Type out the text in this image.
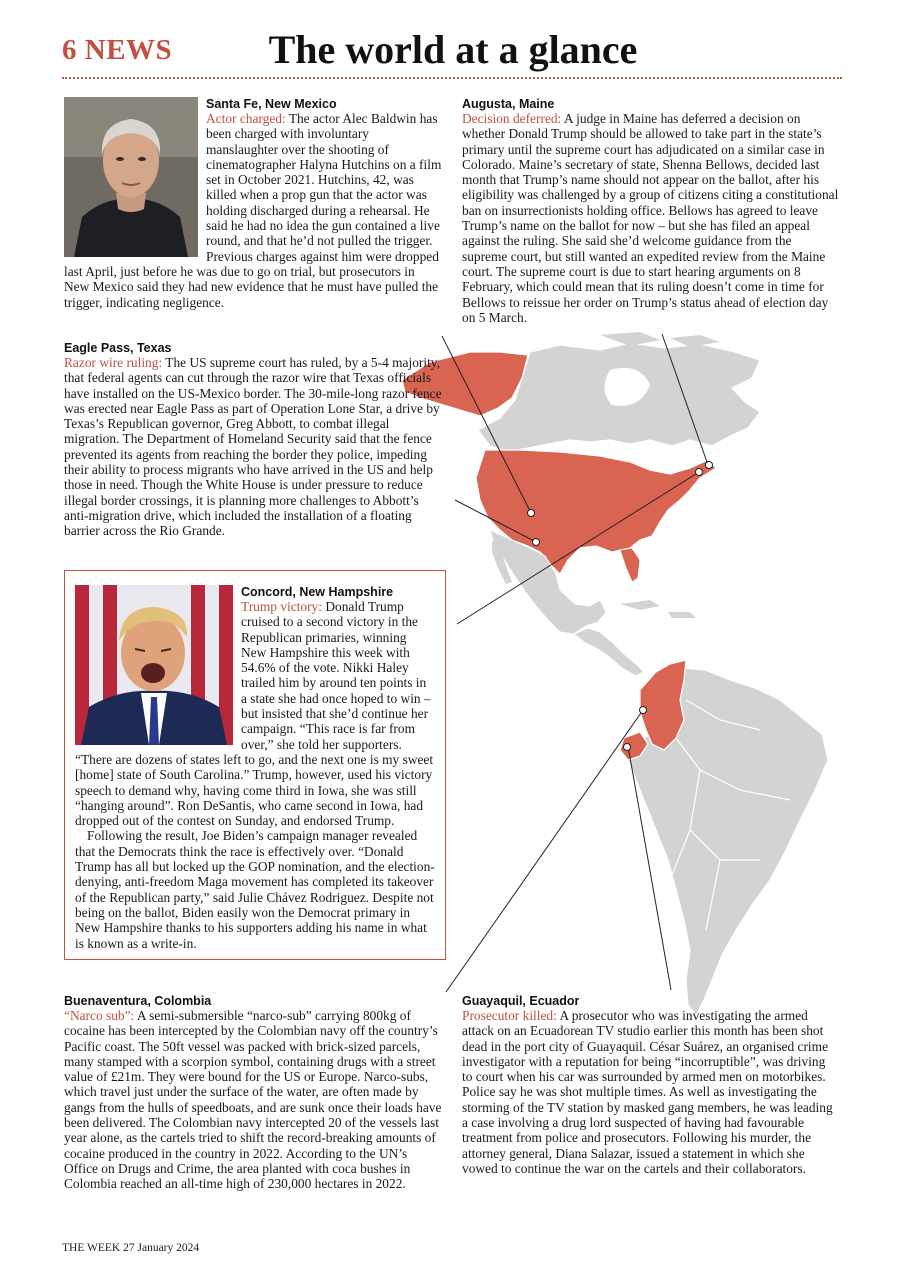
6 NEWS	The world at a glance
Santa Fe, New Mexico
Actor charged: The actor Alec Baldwin has been charged with involuntary manslaughter over the shooting of cinematographer Halyna Hutchins on a film set in October 2021. Hutchins, 42, was killed when a prop gun that the actor was holding discharged during a rehearsal. He said he had no idea the gun contained a live round, and that he’d not pulled the trigger. Previous charges against him were dropped last April, just before he was due to go on trial, but prosecutors in New Mexico said they had new evidence that he must have pulled the trigger, indicating negligence.
Augusta, Maine
Decision deferred: A judge in Maine has deferred a decision on whether Donald Trump should be allowed to take part in the state’s primary until the supreme court has adjudicated on a similar case in Colorado. Maine’s secretary of state, Shenna Bellows, decided last month that Trump’s name should not appear on the ballot, after his eligibility was challenged by a group of citizens citing a constitutional ban on insurrectionists holding office. Bellows has agreed to leave Trump’s name on the ballot for now – but she has filed an appeal against the ruling. She said she’d welcome guidance from the supreme court, but still wanted an expedited review from the Maine court. The supreme court is due to start hearing arguments on 8 February, which could mean that its ruling doesn’t come in time for Bellows to reissue her order on Trump’s status ahead of election day on 5 March.
Eagle Pass, Texas
Razor wire ruling: The US supreme court has ruled, by a 5-4 majority, that federal agents can cut through the razor wire that Texas officials have installed on the US-Mexico border. The 30-mile-long razor fence was erected near Eagle Pass as part of Operation Lone Star, a drive by Texas’s Republican governor, Greg Abbott, to combat illegal migration. The Department of Homeland Security said that the fence prevented its agents from reaching the border they police, impeding their ability to process migrants who have arrived in the US and help those in need. Though the White House is under pressure to reduce illegal border crossings, it is planning more challenges to Abbott’s anti-migration drive, which included the installation of a floating barrier across the Rio Grande.
Concord, New Hampshire
Trump victory: Donald Trump cruised to a second victory in the Republican primaries, winning New Hampshire this week with 54.6% of the vote. Nikki Haley trailed him by around ten points in a state she had once hoped to win – but insisted that she’d continue her campaign. “This race is far from over,” she told her supporters. “There are dozens of states left to go, and the next one is my sweet [home] state of South Carolina.” Trump, however, used his victory speech to demand why, having come third in Iowa, she was still “hanging around”. Ron DeSantis, who came second in Iowa, had dropped out of the contest on Sunday, and endorsed Trump.

Following the result, Joe Biden’s campaign manager revealed that the Democrats think the race is effectively over. “Donald Trump has all but locked up the GOP nomination, and the election-denying, anti-freedom Maga movement has completed its takeover of the Republican party,” said Julie Chávez Rodriguez. Despite not being on the ballot, Biden easily won the Democrat primary in New Hampshire thanks to his supporters adding his name in what is known as a write-in.

Buenaventura, Colombia
“Narco sub”: A semi-submersible “narco-sub” carrying 800kg of cocaine has been intercepted by the Colombian navy off the country’s Pacific coast. The 50ft vessel was packed with brick-sized parcels, many stamped with a scorpion symbol, containing drugs with a street value of £21m. They were bound for the US or Europe. Narco-subs, which travel just under the surface of the water, are often made by gangs from the hulls of speedboats, and are sunk once their loads have been delivered. The Colombian navy intercepted 20 of the vessels last year alone, as the cartels tried to shift the record-breaking amounts of cocaine produced in the country in 2022. According to the UN’s Office on Drugs and Crime, the area planted with coca bushes in Colombia reached an all-time high of 230,000 hectares in 2022.
Guayaquil, Ecuador
Prosecutor killed: A prosecutor who was investigating the armed attack on an Ecuadorean TV studio earlier this month has been shot dead in the port city of Guayaquil. César Suárez, an organised crime investigator with a reputation for being “incorruptible”, was driving to court when his car was surrounded by armed men on motorbikes. Police say he was shot multiple times. As well as investigating the storming of the TV station by masked gang members, he was leading a case involving a drug lord suspected of having had favourable treatment from police and prosecutors. Following his murder, the attorney general, Diana Salazar, issued a statement in which she vowed to continue the war on the cartels and their collaborators.
THE WEEK 27 January 2024
